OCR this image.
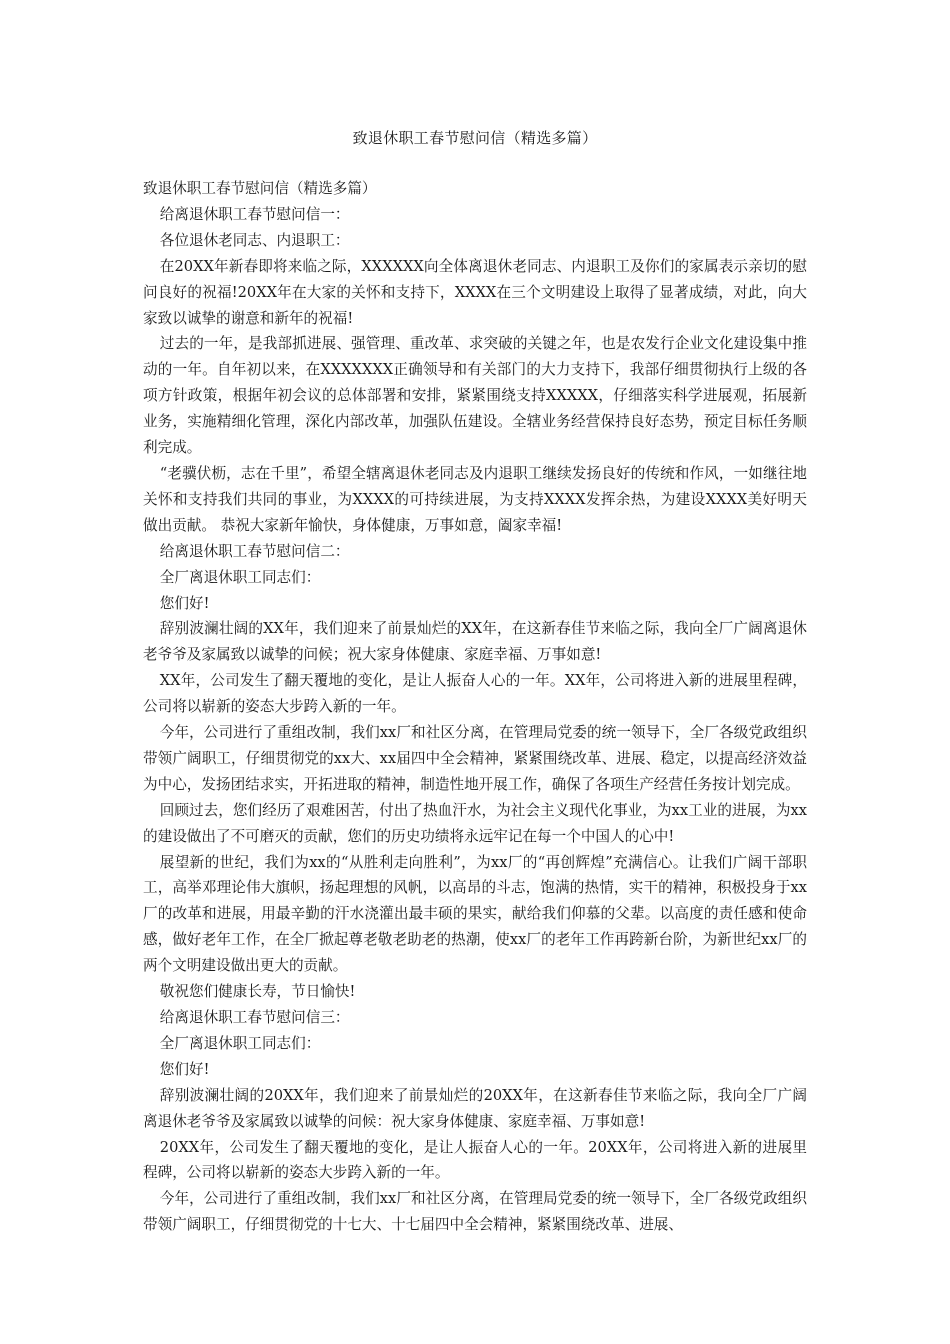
致退休职工春节慰问信（精选多篇）

致退休职工春节慰问信（精选多篇）

给离退休职工春节慰问信一：

各位退休老同志、内退职工：

在20XX年新春即将来临之际，XXXXXX向全体离退休老同志、内退职工及你们的家属表示亲切的慰问良好的祝福!20XX年在大家的关怀和支持下，XXXX在三个文明建设上取得了显著成绩，对此，向大家致以诚挚的谢意和新年的祝福!

过去的一年，是我部抓进展、强管理、重改革、求突破的关键之年，也是农发行企业文化建设集中推动的一年。自年初以来，在XXXXXXX正确领导和有关部门的大力支持下，我部仔细贯彻执行上级的各项方针政策，根据年初会议的总体部署和安排，紧紧围绕支持XXXXX，仔细落实科学进展观，拓展新业务，实施精细化管理，深化内部改革，加强队伍建设。全辖业务经营保持良好态势，预定目标任务顺利完成。

“老骥伏枥，志在千里”，希望全辖离退休老同志及内退职工继续发扬良好的传统和作风，一如继往地关怀和支持我们共同的事业，为XXXX的可持续进展，为支持XXXX发挥余热，为建设XXXX美好明天做出贡献。 恭祝大家新年愉快，身体健康，万事如意，阖家幸福!

给离退休职工春节慰问信二：

全厂离退休职工同志们：

您们好!

辞别波澜壮阔的XX年，我们迎来了前景灿烂的XX年，在这新春佳节来临之际，我向全厂广阔离退休老爷爷及家属致以诚挚的问候；祝大家身体健康、家庭幸福、万事如意!

XX年，公司发生了翻天覆地的变化，是让人振奋人心的一年。XX年，公司将进入新的进展里程碑，公司将以崭新的姿态大步跨入新的一年。

今年，公司进行了重组改制，我们xx厂和社区分离，在管理局党委的统一领导下，全厂各级党政组织带领广阔职工，仔细贯彻党的xx大、xx届四中全会精神，紧紧围绕改革、进展、稳定，以提高经济效益为中心，发扬团结求实，开拓进取的精神，制造性地开展工作，确保了各项生产经营任务按计划完成。

回顾过去，您们经历了艰难困苦，付出了热血汗水，为社会主义现代化事业，为xx工业的进展，为xx的建设做出了不可磨灭的贡献，您们的历史功绩将永远牢记在每一个中国人的心中!

展望新的世纪，我们为xx的“从胜利走向胜利”，为xx厂的“再创辉煌”充满信心。让我们广阔干部职工，高举邓理论伟大旗帜，扬起理想的风帆，以高昂的斗志，饱满的热情，实干的精神，积极投身于xx厂的改革和进展，用最辛勤的汗水浇灌出最丰硕的果实，献给我们仰慕的父辈。以高度的责任感和使命感，做好老年工作，在全厂掀起尊老敬老助老的热潮，使xx厂的老年工作再跨新台阶，为新世纪xx厂的两个文明建设做出更大的贡献。

敬祝您们健康长寿，节日愉快!

给离退休职工春节慰问信三：

全厂离退休职工同志们：

您们好!

辞别波澜壮阔的20XX年，我们迎来了前景灿烂的20XX年，在这新春佳节来临之际，我向全厂广阔离退休老爷爷及家属致以诚挚的问候：祝大家身体健康、家庭幸福、万事如意!

20XX年，公司发生了翻天覆地的变化，是让人振奋人心的一年。20XX年，公司将进入新的进展里程碑，公司将以崭新的姿态大步跨入新的一年。

今年，公司进行了重组改制，我们xx厂和社区分离，在管理局党委的统一领导下，全厂各级党政组织带领广阔职工，仔细贯彻党的十七大、十七届四中全会精神，紧紧围绕改革、进展、
